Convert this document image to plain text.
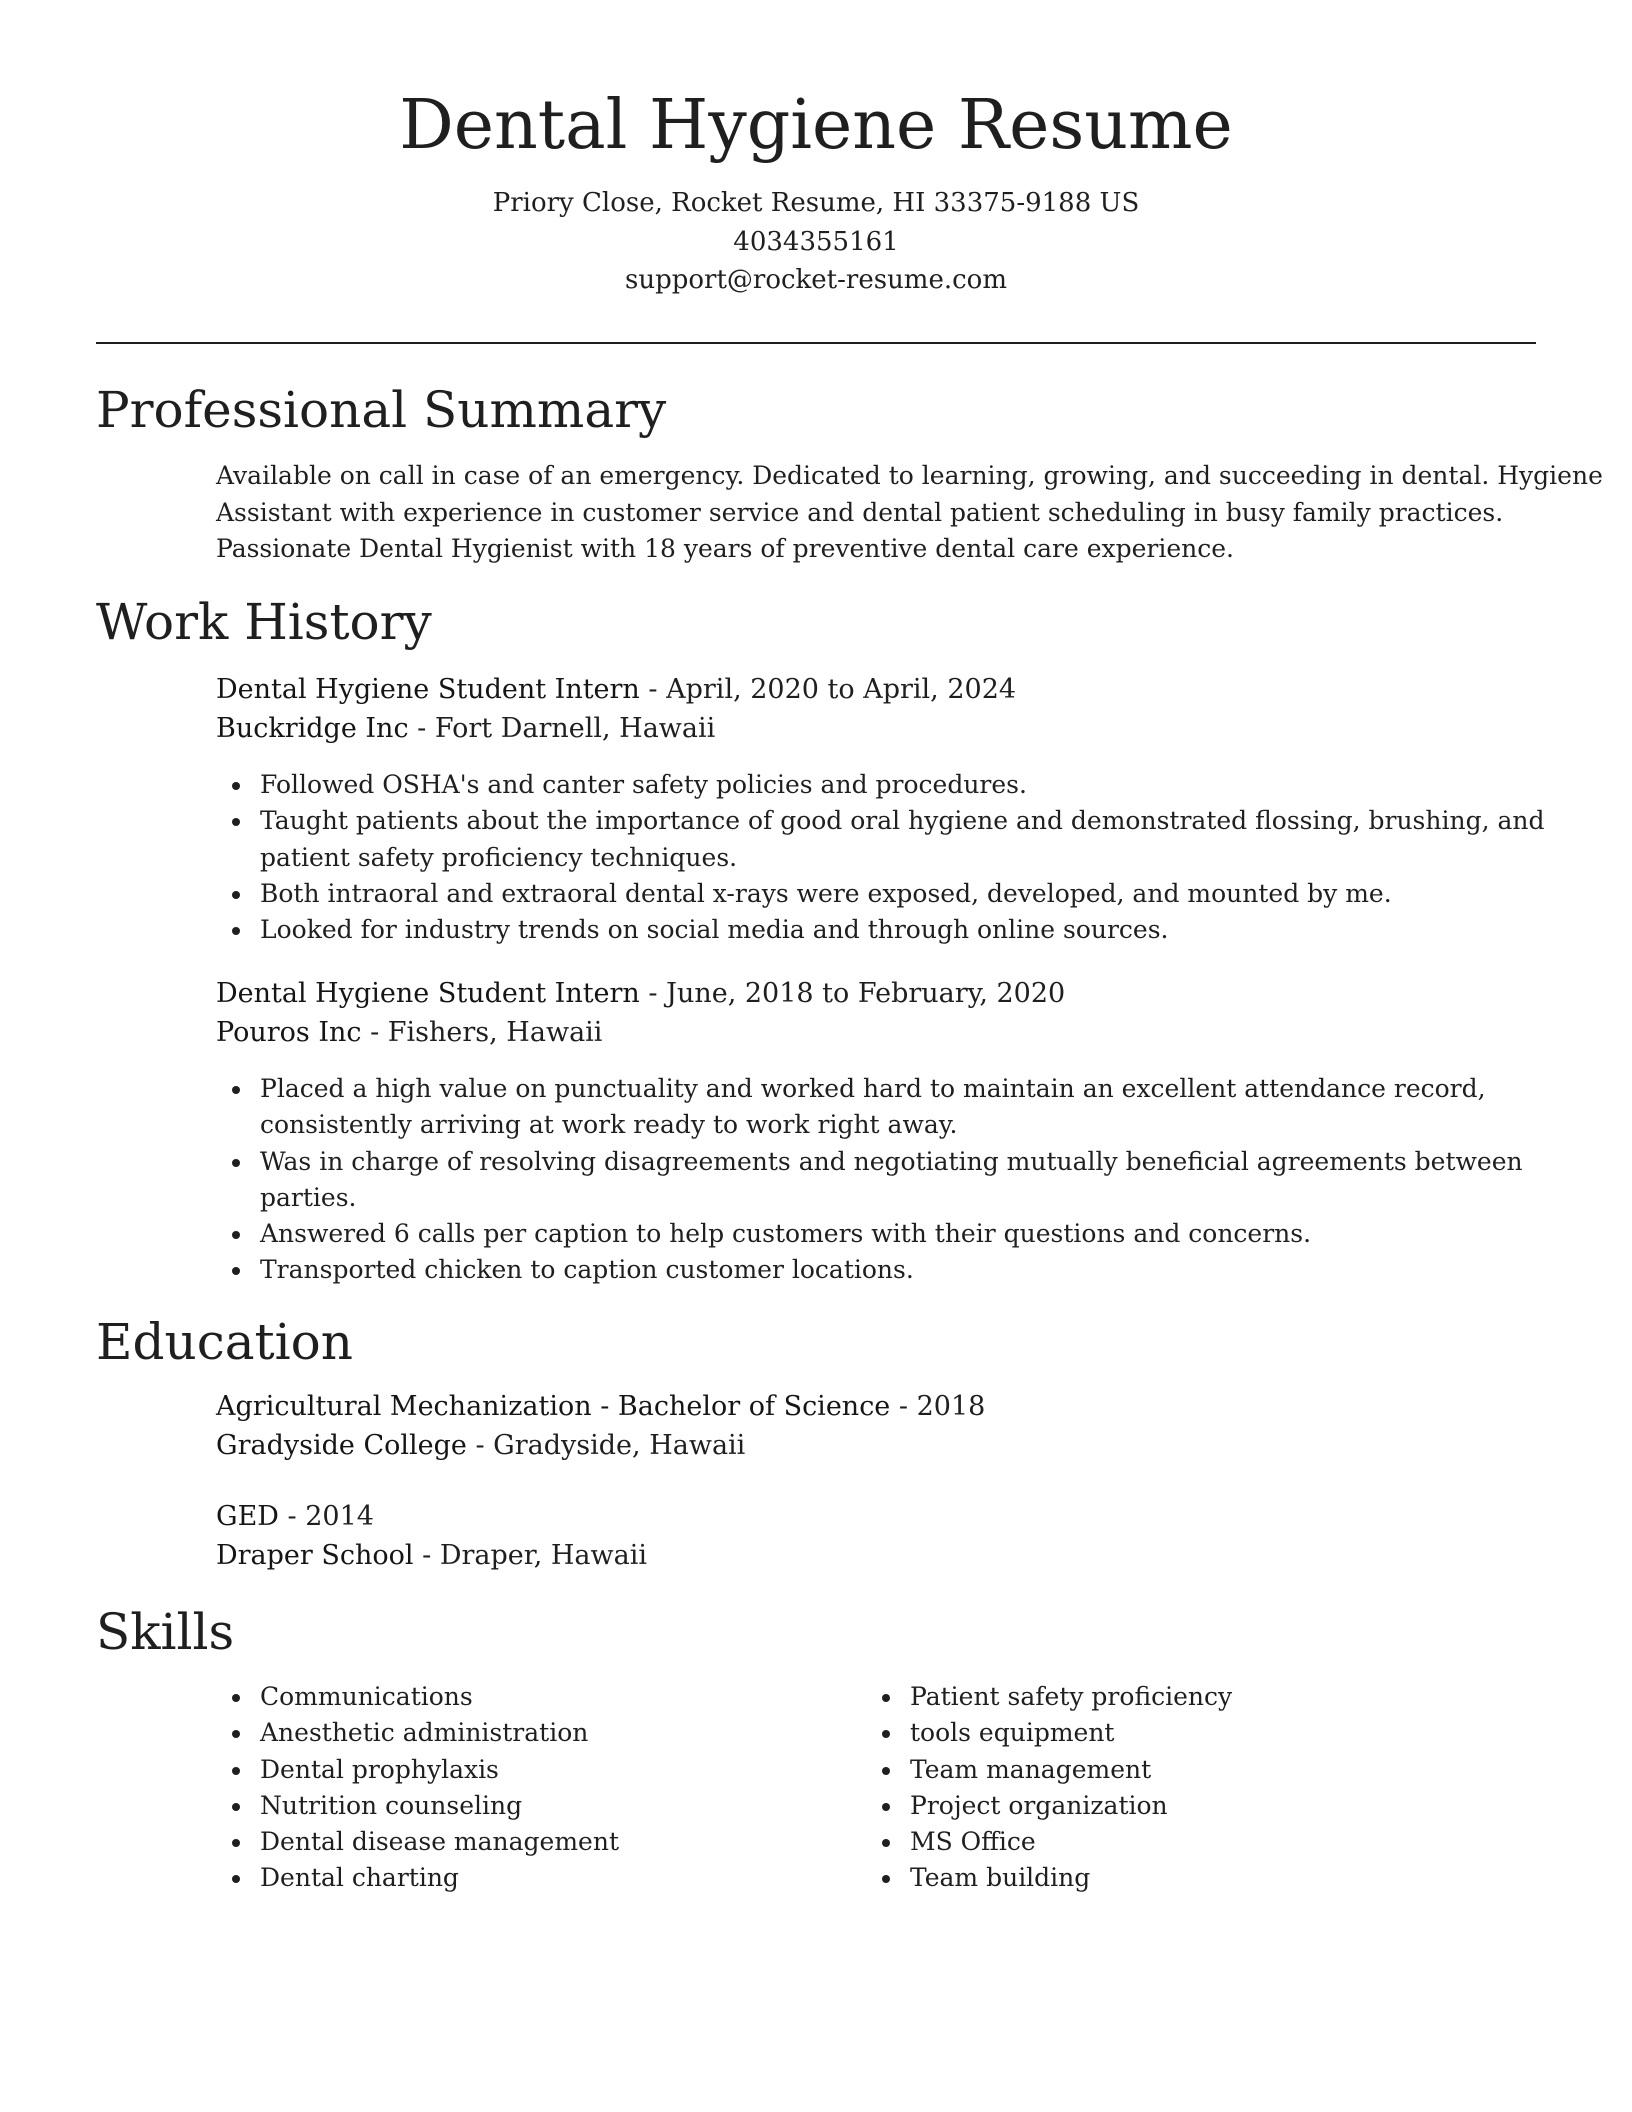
Dental Hygiene Resume
Priory Close, Rocket Resume, HI 33375-9188 US
4034355161
support@rocket-resume.com
Professional Summary
Available on call in case of an emergency. Dedicated to learning, growing, and succeeding in dental. Hygiene
Assistant with experience in customer service and dental patient scheduling in busy family practices.
Passionate Dental Hygienist with 18 years of preventive dental care experience.
Work History
Dental Hygiene Student Intern - April, 2020 to April, 2024
Buckridge Inc - Fort Darnell, Hawaii
Followed OSHA's and canter safety policies and procedures.
Taught patients about the importance of good oral hygiene and demonstrated flossing, brushing, and
patient safety proficiency techniques.
Both intraoral and extraoral dental x-rays were exposed, developed, and mounted by me.
Looked for industry trends on social media and through online sources.
Dental Hygiene Student Intern - June, 2018 to February, 2020
Pouros Inc - Fishers, Hawaii
Placed a high value on punctuality and worked hard to maintain an excellent attendance record,
consistently arriving at work ready to work right away.
Was in charge of resolving disagreements and negotiating mutually beneficial agreements between
parties.
Answered 6 calls per caption to help customers with their questions and concerns.
Transported chicken to caption customer locations.
Education
Agricultural Mechanization - Bachelor of Science - 2018
Gradyside College - Gradyside, Hawaii
GED - 2014
Draper School - Draper, Hawaii
Skills
Communications
Anesthetic administration
Dental prophylaxis
Nutrition counseling
Dental disease management
Dental charting
Patient safety proficiency
tools equipment
Team management
Project organization
MS Office
Team building
